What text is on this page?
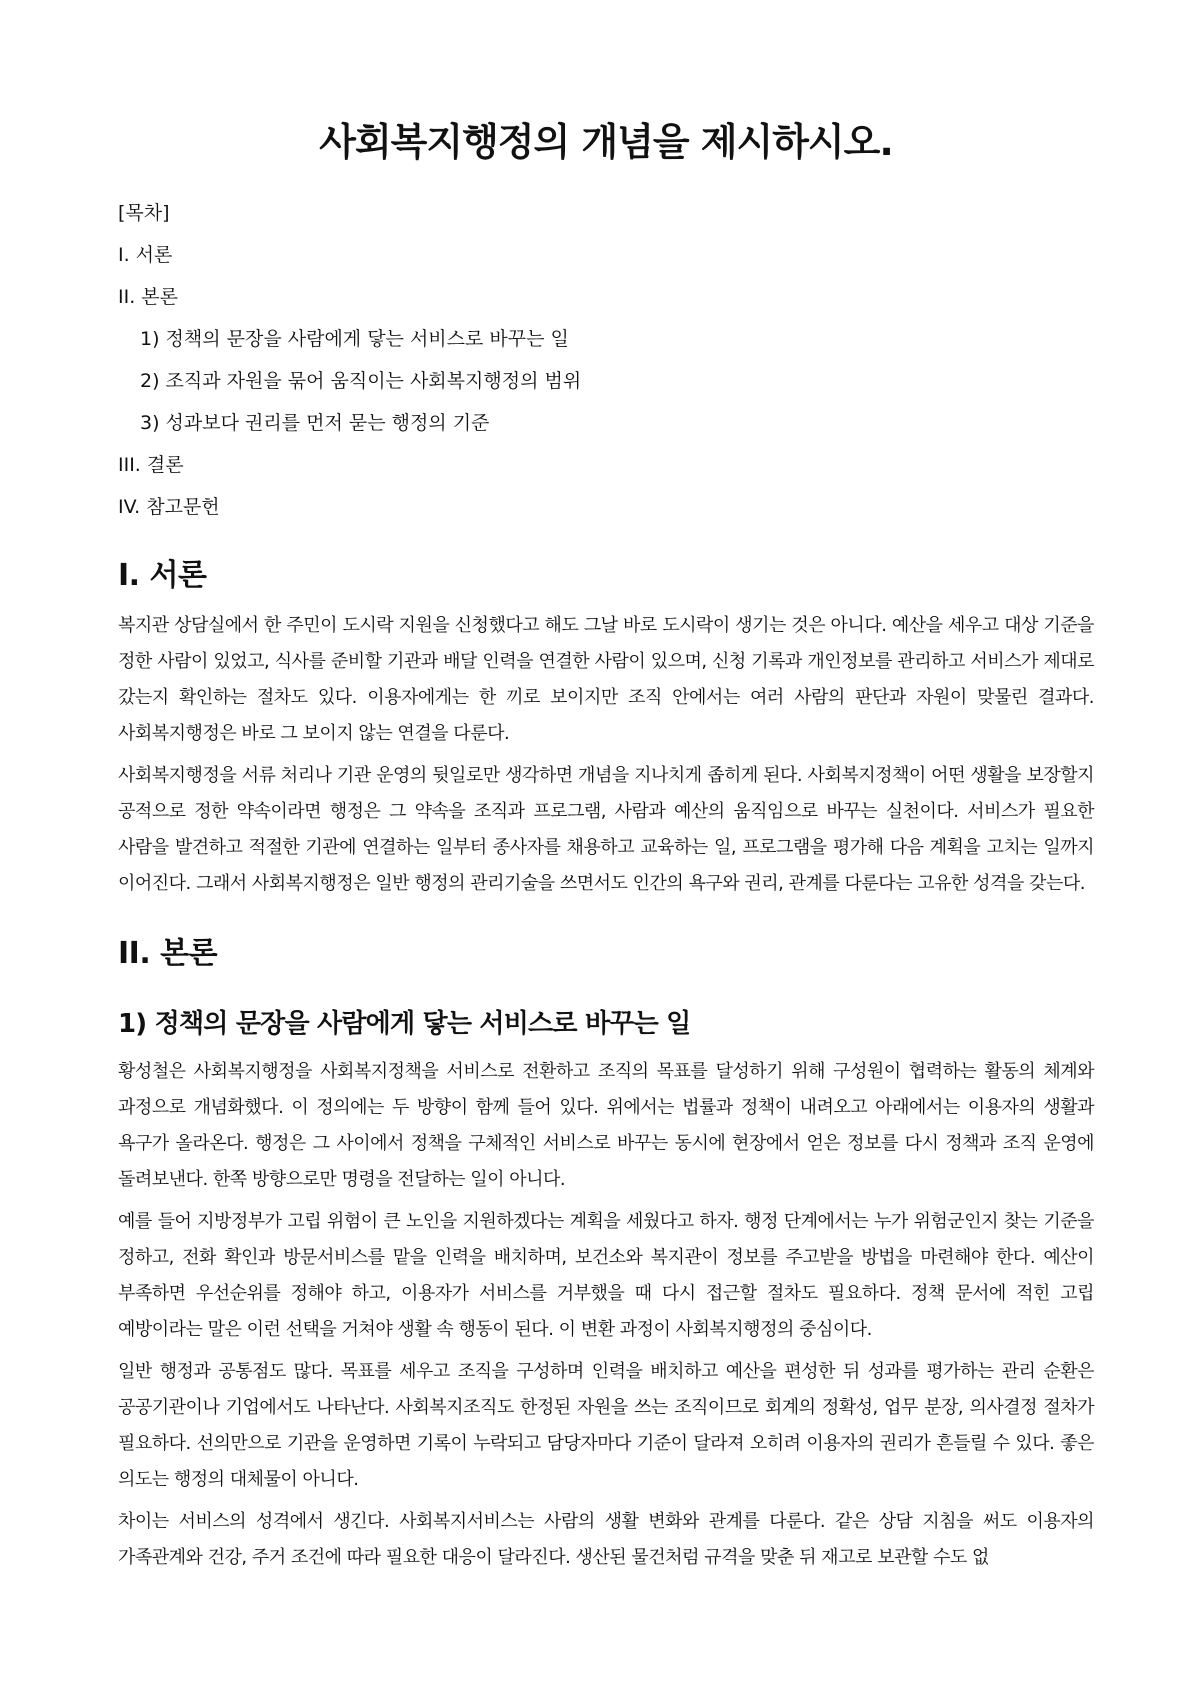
사회복지행정의 개념을 제시하시오.
[목차]
I. 서론
II. 본론
1) 정책의 문장을 사람에게 닿는 서비스로 바꾸는 일
2) 조직과 자원을 묶어 움직이는 사회복지행정의 범위
3) 성과보다 권리를 먼저 묻는 행정의 기준
III. 결론
IV. 참고문헌
I. 서론

복지관 상담실에서 한 주민이 도시락 지원을 신청했다고 해도 그날 바로 도시락이 생기는 것은 아니다. 예산을 세우고 대상 기준을 정한 사람이 있었고, 식사를 준비할 기관과 배달 인력을 연결한 사람이 있으며, 신청 기록과 개인정보를 관리하고 서비스가 제대로 갔는지 확인하는 절차도 있다. 이용자에게는 한 끼로 보이지만 조직 안에서는 여러 사람의 판단과 자원이 맞물린 결과다. 사회복지행정은 바로 그 보이지 않는 연결을 다룬다.

사회복지행정을 서류 처리나 기관 운영의 뒷일로만 생각하면 개념을 지나치게 좁히게 된다. 사회복지정책이 어떤 생활을 보장할지 공적으로 정한 약속이라면 행정은 그 약속을 조직과 프로그램, 사람과 예산의 움직임으로 바꾸는 실천이다. 서비스가 필요한 사람을 발견하고 적절한 기관에 연결하는 일부터 종사자를 채용하고 교육하는 일, 프로그램을 평가해 다음 계획을 고치는 일까지 이어진다. 그래서 사회복지행정은 일반 행정의 관리기술을 쓰면서도 인간의 욕구와 권리, 관계를 다룬다는 고유한 성격을 갖는다.

II. 본론
1) 정책의 문장을 사람에게 닿는 서비스로 바꾸는 일

황성철은 사회복지행정을 사회복지정책을 서비스로 전환하고 조직의 목표를 달성하기 위해 구성원이 협력하는 활동의 체계와 과정으로 개념화했다. 이 정의에는 두 방향이 함께 들어 있다. 위에서는 법률과 정책이 내려오고 아래에서는 이용자의 생활과 욕구가 올라온다. 행정은 그 사이에서 정책을 구체적인 서비스로 바꾸는 동시에 현장에서 얻은 정보를 다시 정책과 조직 운영에 돌려보낸다. 한쪽 방향으로만 명령을 전달하는 일이 아니다.

예를 들어 지방정부가 고립 위험이 큰 노인을 지원하겠다는 계획을 세웠다고 하자. 행정 단계에서는 누가 위험군인지 찾는 기준을 정하고, 전화 확인과 방문서비스를 맡을 인력을 배치하며, 보건소와 복지관이 정보를 주고받을 방법을 마련해야 한다. 예산이 부족하면 우선순위를 정해야 하고, 이용자가 서비스를 거부했을 때 다시 접근할 절차도 필요하다. 정책 문서에 적힌 고립 예방이라는 말은 이런 선택을 거쳐야 생활 속 행동이 된다. 이 변환 과정이 사회복지행정의 중심이다.

일반 행정과 공통점도 많다. 목표를 세우고 조직을 구성하며 인력을 배치하고 예산을 편성한 뒤 성과를 평가하는 관리 순환은 공공기관이나 기업에서도 나타난다. 사회복지조직도 한정된 자원을 쓰는 조직이므로 회계의 정확성, 업무 분장, 의사결정 절차가 필요하다. 선의만으로 기관을 운영하면 기록이 누락되고 담당자마다 기준이 달라져 오히려 이용자의 권리가 흔들릴 수 있다. 좋은 의도는 행정의 대체물이 아니다.

차이는 서비스의 성격에서 생긴다. 사회복지서비스는 사람의 생활 변화와 관계를 다룬다. 같은 상담 지침을 써도 이용자의 가족관계와 건강, 주거 조건에 따라 필요한 대응이 달라진다. 생산된 물건처럼 규격을 맞춘 뒤 재고로 보관할 수도 없
